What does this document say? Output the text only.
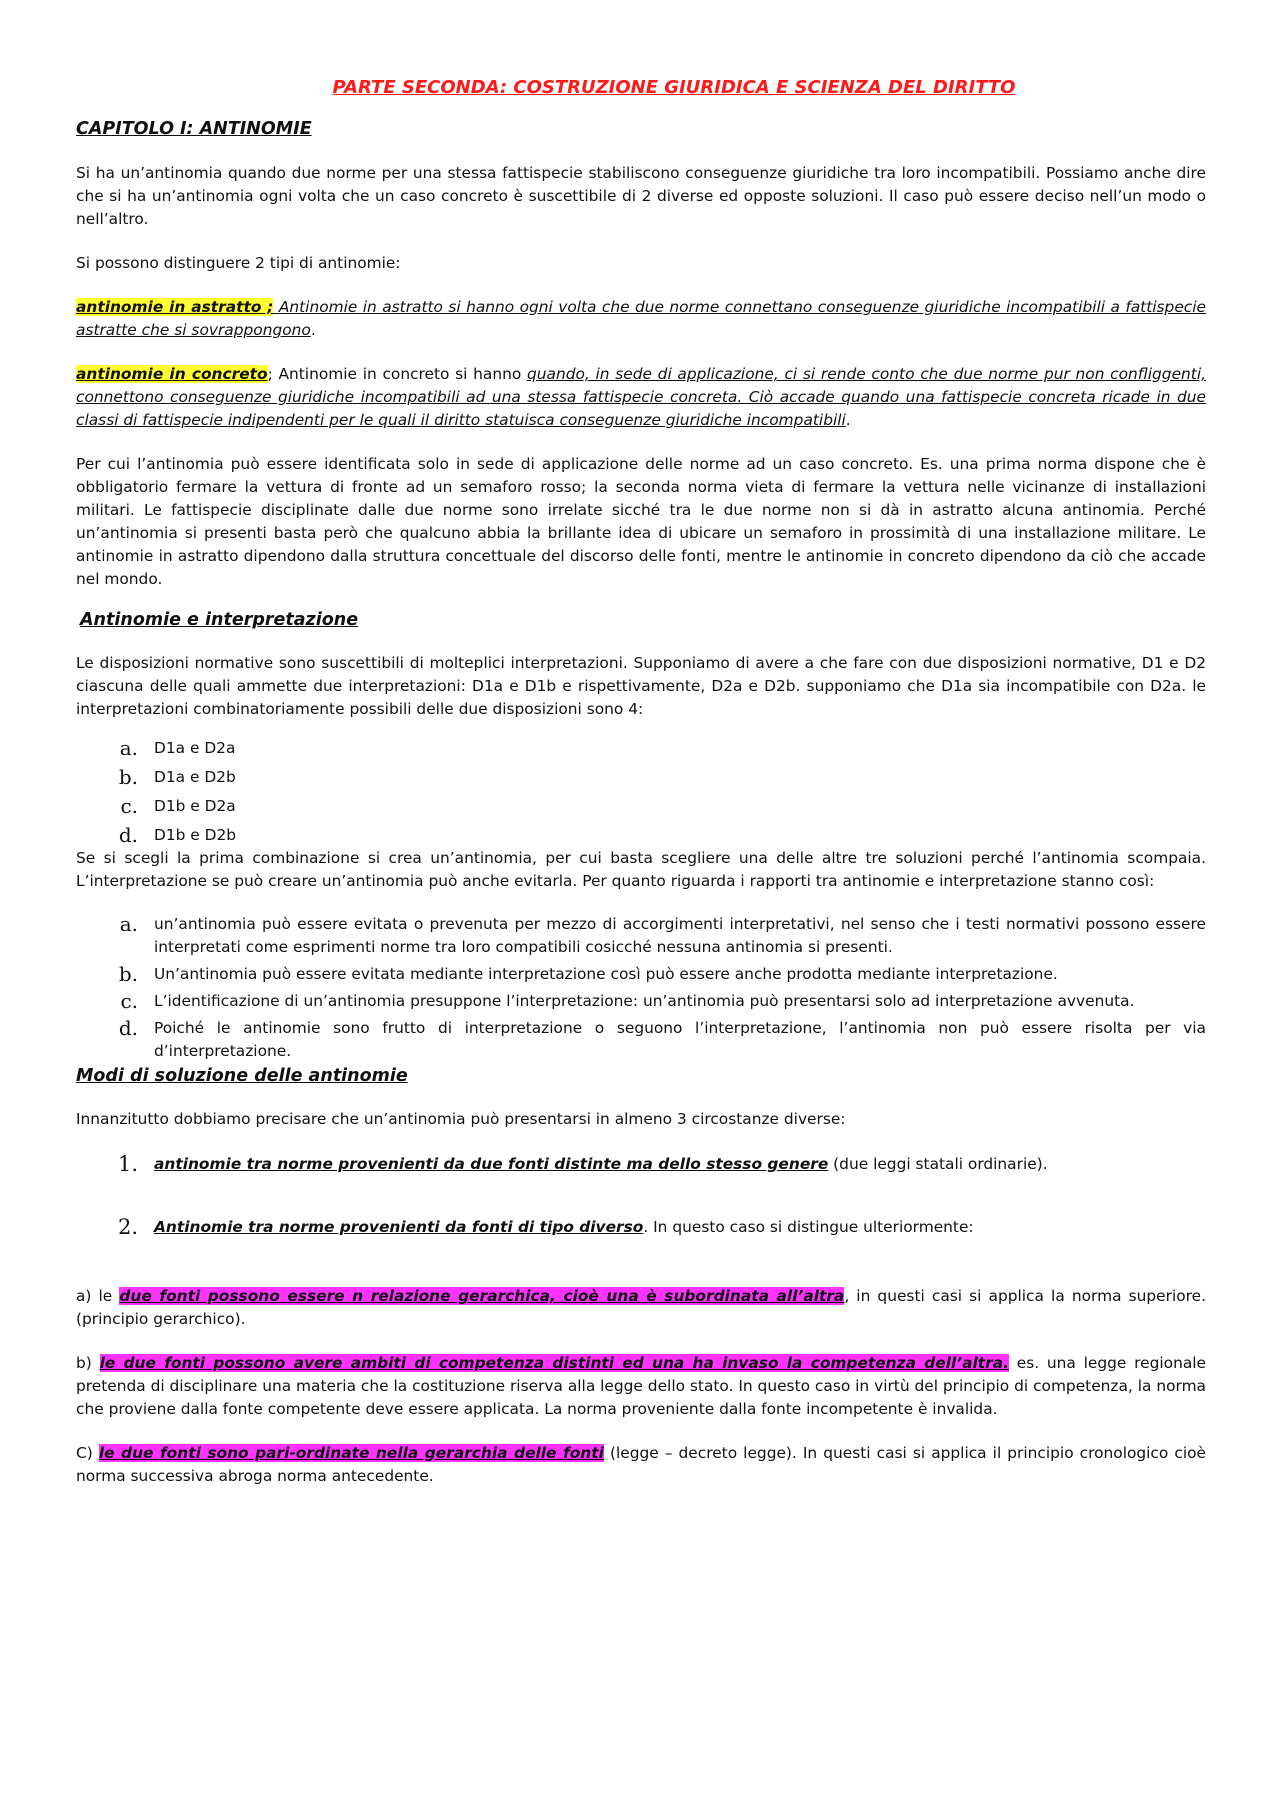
PARTE SECONDA: COSTRUZIONE GIURIDICA E SCIENZA DEL DIRITTO

CAPITOLO I: ANTINOMIE

Si ha un’antinomia quando due norme per una stessa fattispecie stabiliscono conseguenze giuridiche tra loro incompatibili. Possiamo anche dire che si ha un’antinomia ogni volta che un caso concreto è suscettibile di 2 diverse ed opposte soluzioni. Il caso può essere deciso nell’un modo o nell’altro.

Si possono distinguere 2 tipi di antinomie:

antinomie in astratto ; Antinomie in astratto si hanno ogni volta che due norme connettano conseguenze giuridiche incompatibili a fattispecie astratte che si sovrappongono.

antinomie in concreto; Antinomie in concreto si hanno quando, in sede di applicazione, ci si rende conto che due norme pur non confliggenti, connettono conseguenze giuridiche incompatibili ad una stessa fattispecie concreta. Ciò accade quando una fattispecie concreta ricade in due classi di fattispecie indipendenti per le quali il diritto statuisca conseguenze giuridiche incompatibili.

Per cui l’antinomia può essere identificata solo in sede di applicazione delle norme ad un caso concreto. Es. una prima norma dispone che è obbligatorio fermare la vettura di fronte ad un semaforo rosso; la seconda norma vieta di fermare la vettura nelle vicinanze di installazioni militari. Le fattispecie disciplinate dalle due norme sono irrelate sicché tra le due norme non si dà in astratto alcuna antinomia. Perché un’antinomia si presenti basta però che qualcuno abbia la brillante idea di ubicare un semaforo in prossimità di una installazione militare. Le antinomie in astratto dipendono dalla struttura concettuale del discorso delle fonti, mentre le antinomie in concreto dipendono da ciò che accade nel mondo.

Antinomie e interpretazione

Le disposizioni normative sono suscettibili di molteplici interpretazioni. Supponiamo di avere a che fare con due disposizioni normative, D1 e D2 ciascuna delle quali ammette due interpretazioni: D1a e D1b e rispettivamente, D2a e D2b. supponiamo che D1a sia incompatibile con D2a. le interpretazioni combinatoriamente possibili delle due disposizioni sono 4:

a.	D1a e D2a
b.	D1a e D2b
c.	D1b e D2a
d.	D1b e D2b

Se si scegli la prima combinazione si crea un’antinomia, per cui basta scegliere una delle altre tre soluzioni perché l’antinomia scompaia. L’interpretazione se può creare un’antinomia può anche evitarla. Per quanto riguarda i rapporti tra antinomie e interpretazione stanno così:

a.	un’antinomia può essere evitata o prevenuta per mezzo di accorgimenti interpretativi, nel senso che i testi normativi possono essere interpretati come esprimenti norme tra loro compatibili cosicché nessuna antinomia si presenti.
b.	Un’antinomia può essere evitata mediante interpretazione così può essere anche prodotta mediante interpretazione.
c.	L’identificazione di un’antinomia presuppone l’interpretazione: un’antinomia può presentarsi solo ad interpretazione avvenuta.
d.	Poiché le antinomie sono frutto di interpretazione o seguono l’interpretazione, l’antinomia non può essere risolta per via d’interpretazione.

Modi di soluzione delle antinomie

Innanzitutto dobbiamo precisare che un’antinomia può presentarsi in almeno 3 circostanze diverse:

1.	antinomie tra norme provenienti da due fonti distinte ma dello stesso genere (due leggi statali ordinarie).
2.	Antinomie tra norme provenienti da fonti di tipo diverso. In questo caso si distingue ulteriormente:

a) le due fonti possono essere n relazione gerarchica, cioè una è subordinata all’altra, in questi casi si applica la norma superiore. (principio gerarchico).

b) le due fonti possono avere ambiti di competenza distinti ed una ha invaso la competenza dell’altra. es. una legge regionale pretenda di disciplinare una materia che la costituzione riserva alla legge dello stato. In questo caso in virtù del principio di competenza, la norma che proviene dalla fonte competente deve essere applicata. La norma proveniente dalla fonte incompetente è invalida.

C) le due fonti sono pari-ordinate nella gerarchia delle fonti (legge – decreto legge). In questi casi si applica il principio cronologico cioè norma successiva abroga norma antecedente.
